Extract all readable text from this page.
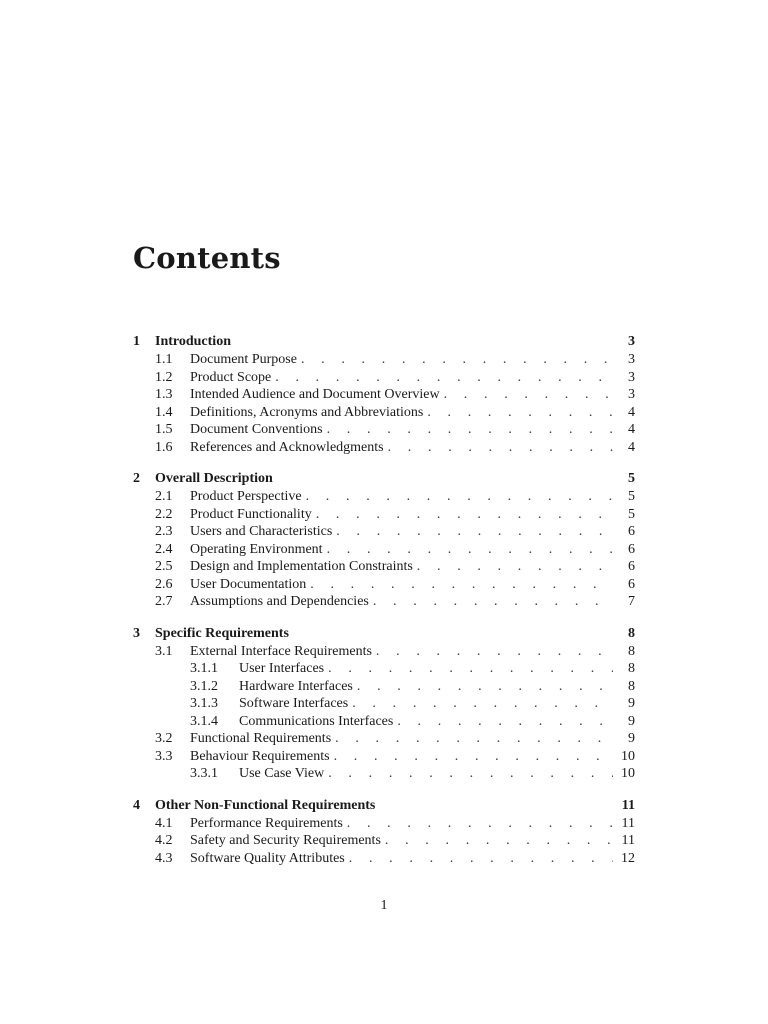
Contents
1	Introduction	3
1.1	Document Purpose . . .	3
1.2	Product Scope . . .	3
1.3	Intended Audience and Document Overview . . .	3
1.4	Definitions, Acronyms and Abbreviations . . .	4
1.5	Document Conventions . . .	4
1.6	References and Acknowledgments . . .	4
2	Overall Description	5
2.1	Product Perspective . . .	5
2.2	Product Functionality . . .	5
2.3	Users and Characteristics . . .	6
2.4	Operating Environment . . .	6
2.5	Design and Implementation Constraints . . .	6
2.6	User Documentation . . .	6
2.7	Assumptions and Dependencies . . .	7
3	Specific Requirements	8
3.1	External Interface Requirements . . .	8
3.1.1	User Interfaces . . .	8
3.1.2	Hardware Interfaces . . .	8
3.1.3	Software Interfaces . . .	9
3.1.4	Communications Interfaces . . .	9
3.2	Functional Requirements . . .	9
3.3	Behaviour Requirements . . .	10
3.3.1	Use Case View . . .	10
4	Other Non-Functional Requirements	11
4.1	Performance Requirements . . .	11
4.2	Safety and Security Requirements . . .	11
4.3	Software Quality Attributes . . .	12
1
